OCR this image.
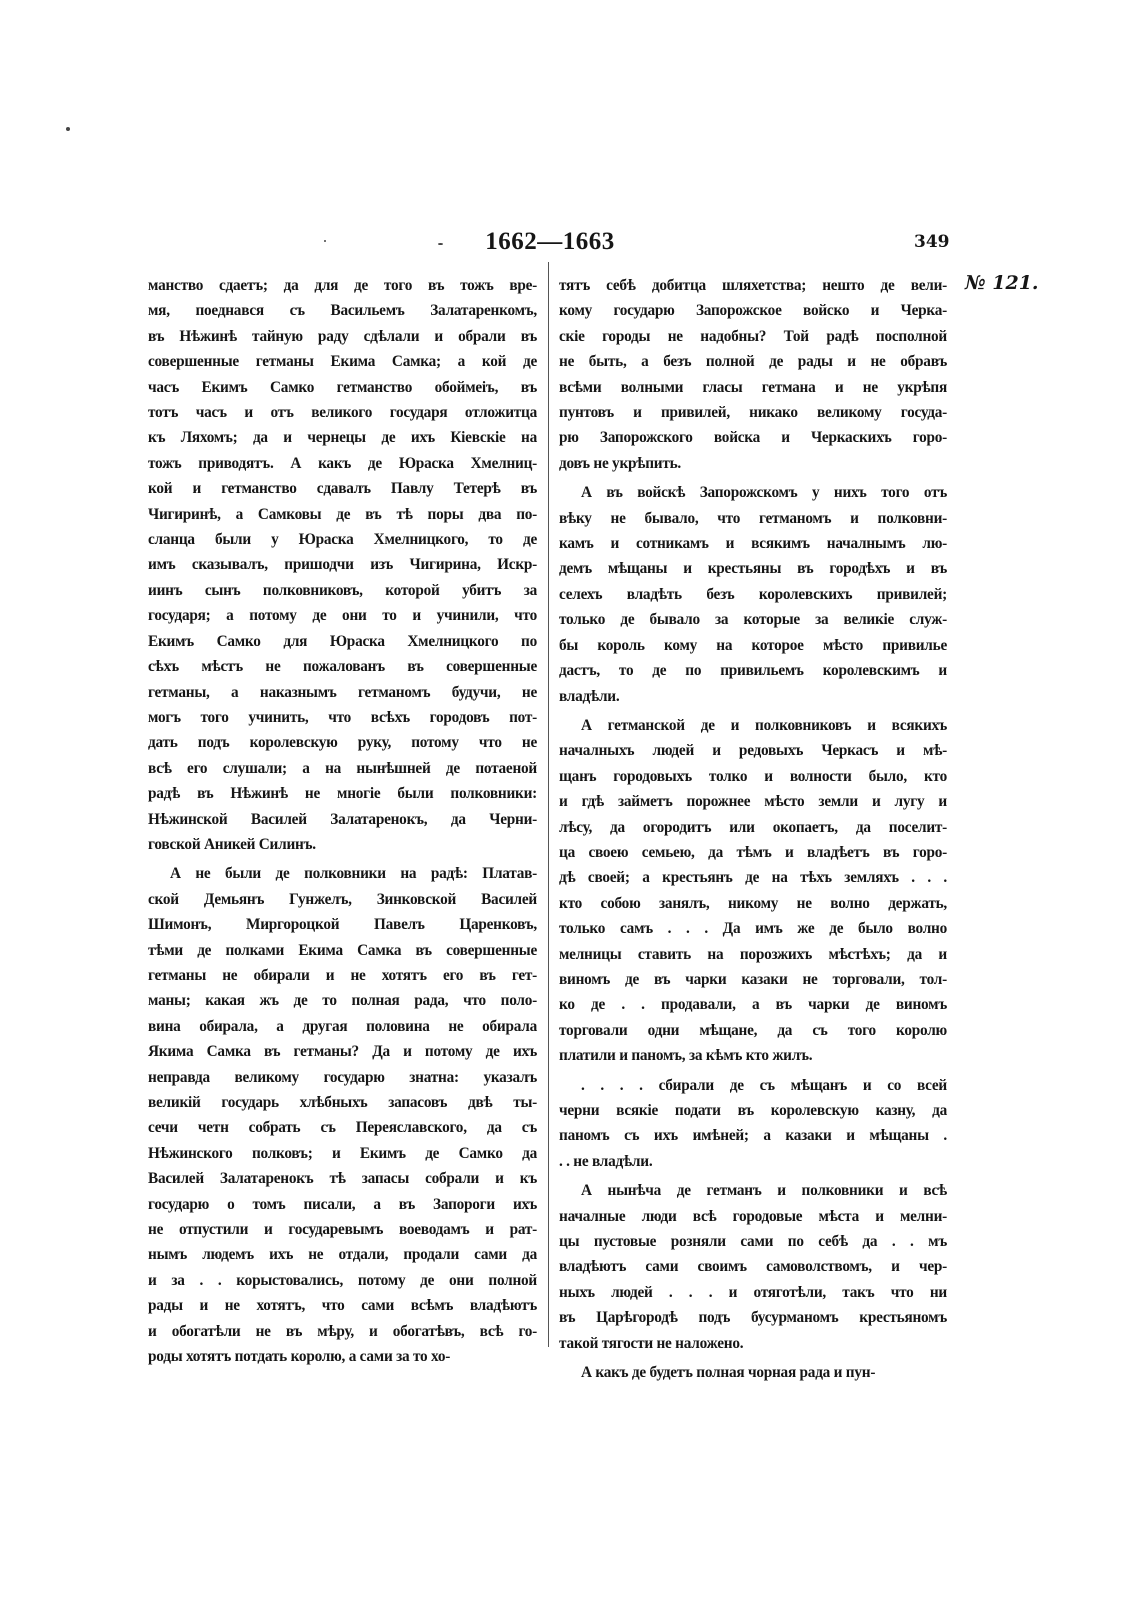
1662—1663	349
№ 121.

манство сдаетъ; да для де того въ тожъ вре-
мя, поеднався съ Васильемъ Залатаренкомъ,
въ Нѣжинѣ тайную раду сдѣлали и обрали въ
совершенные гетманы Екима Самка; а кой де
часъ Екимъ Самко гетманство обоймеіъ, въ
тотъ часъ и отъ великого государя отложитца
къ Ляхомъ; да и чернецы де ихъ Кіевскіе на
тожъ приводятъ. А какъ де Юраска Хмелниц-
кой и гетманство сдавалъ Павлу Тетерѣ въ
Чигиринѣ, а Самковы де въ тѣ поры два по-
сланца были у Юраска Хмелницкого, то де
имъ сказывалъ, пришодчи изъ Чигирина, Искр-
иинъ сынъ полковниковъ, которой убитъ за
государя; а потому де они то и учинили, что
Екимъ Самко для Юраска Хмелницкого по
сѣхъ мѣстъ не пожалованъ въ совершенные
гетманы, а наказнымъ гетманомъ будучи, не
могъ того учинить, что всѣхъ городовъ пот-
дать подъ королевскую руку, потому что не
всѣ его слушали; а на нынѣшней де потаеной
радѣ въ Нѣжинѣ не многіе были полковники:
Нѣжинской Василей Залатаренокъ, да Черни-
говской Аникей Силинъ.

А не были де полковники на радѣ: Платав-
ской Демьянъ Гунжелъ, Зинковской Василей
Шимонъ, Миргороцкой Павелъ Царенковъ,
тѣми де полками Екима Самка въ совершенные
гетманы не обирали и не хотятъ его въ гет-
маны; какая жъ де то полная рада, что поло-
вина обирала, а другая половина не обирала
Якима Самка въ гетманы? Да и потому де ихъ
неправда великому государю знатна: указалъ
великій государь хлѣбныхъ запасовъ двѣ ты-
сечи четн собрать съ Переяславского, да съ
Нѣжинского полковъ; и Екимъ де Самко да
Василей Залатаренокъ тѣ запасы собрали и къ
государю о томъ писали, а въ Запороги ихъ
не отпустили и государевымъ воеводамъ и рат-
нымъ людемъ ихъ не отдали, продали сами да
и за . . корыстовались, потому де они полной
рады и не хотятъ, что сами всѣмъ владѣютъ
и обогатѣли не въ мѣру, и обогатѣвъ, всѣ го-
роды хотятъ потдать королю, а сами за то хо-

тятъ себѣ добитца шляхетства; нешто де вели-
кому государю Запорожское войско и Черка-
скіе городы не надобны? Той радѣ посполной
не быть, а безъ полной де рады и не обравъ
всѣми волными гласы гетмана и не укрѣпя
пунтовъ и привилей, никако великому госуда-
рю Запорожского войска и Черкаскихъ горо-
довъ не укрѣпить.

А въ войскѣ Запорожскомъ у нихъ того отъ
вѣку не бывало, что гетманомъ и полковни-
камъ и сотникамъ и всякимъ началнымъ лю-
демъ мѣщаны и крестьяны въ городѣхъ и въ
селехъ владѣть безъ королевскихъ привилей;
только де бывало за которые за великіе служ-
бы король кому на которое мѣсто привилье
дастъ, то де по привильемъ королевскимъ и
владѣли.

А гетманской де и полковниковъ и всякихъ
началныхъ людей и редовыхъ Черкасъ и мѣ-
щанъ городовыхъ толко и волности было, кто
и гдѣ займетъ порожнее мѣсто земли и лугу и
лѣсу, да огородитъ или окопаетъ, да поселит-
ца своею семьею, да тѣмъ и владѣетъ въ горо-
дѣ своей; а крестьянъ де на тѣхъ земляхъ . . .
кто собою занялъ, никому не волно держать,
только самъ . . . Да имъ же де было волно
мелницы ставить на порозжихъ мѣстѣхъ; да и
виномъ де въ чарки казаки не торговали, тол-
ко де . . продавали, а въ чарки де виномъ
торговали одни мѣщане, да съ того королю
платили и паномъ, за кѣмъ кто жилъ.

. . . . сбирали де съ мѣщанъ и со всей
черни всякіе подати въ королевскую казну, да
паномъ съ ихъ имѣней; а казаки и мѣщаны .
. . не владѣли.

А нынѣча де гетманъ и полковники и всѣ
началные люди всѣ городовые мѣста и мелни-
цы пустовые розняли сами по себѣ да . . мъ
владѣютъ сами своимъ самоволствомъ, и чер-
ныхъ людей . . . и отяготѣли, такъ что ни
въ Царѣгородѣ подъ бусурманомъ крестьяномъ
такой тягости не наложено.

А какъ де будетъ полная чорная рада и пун-
